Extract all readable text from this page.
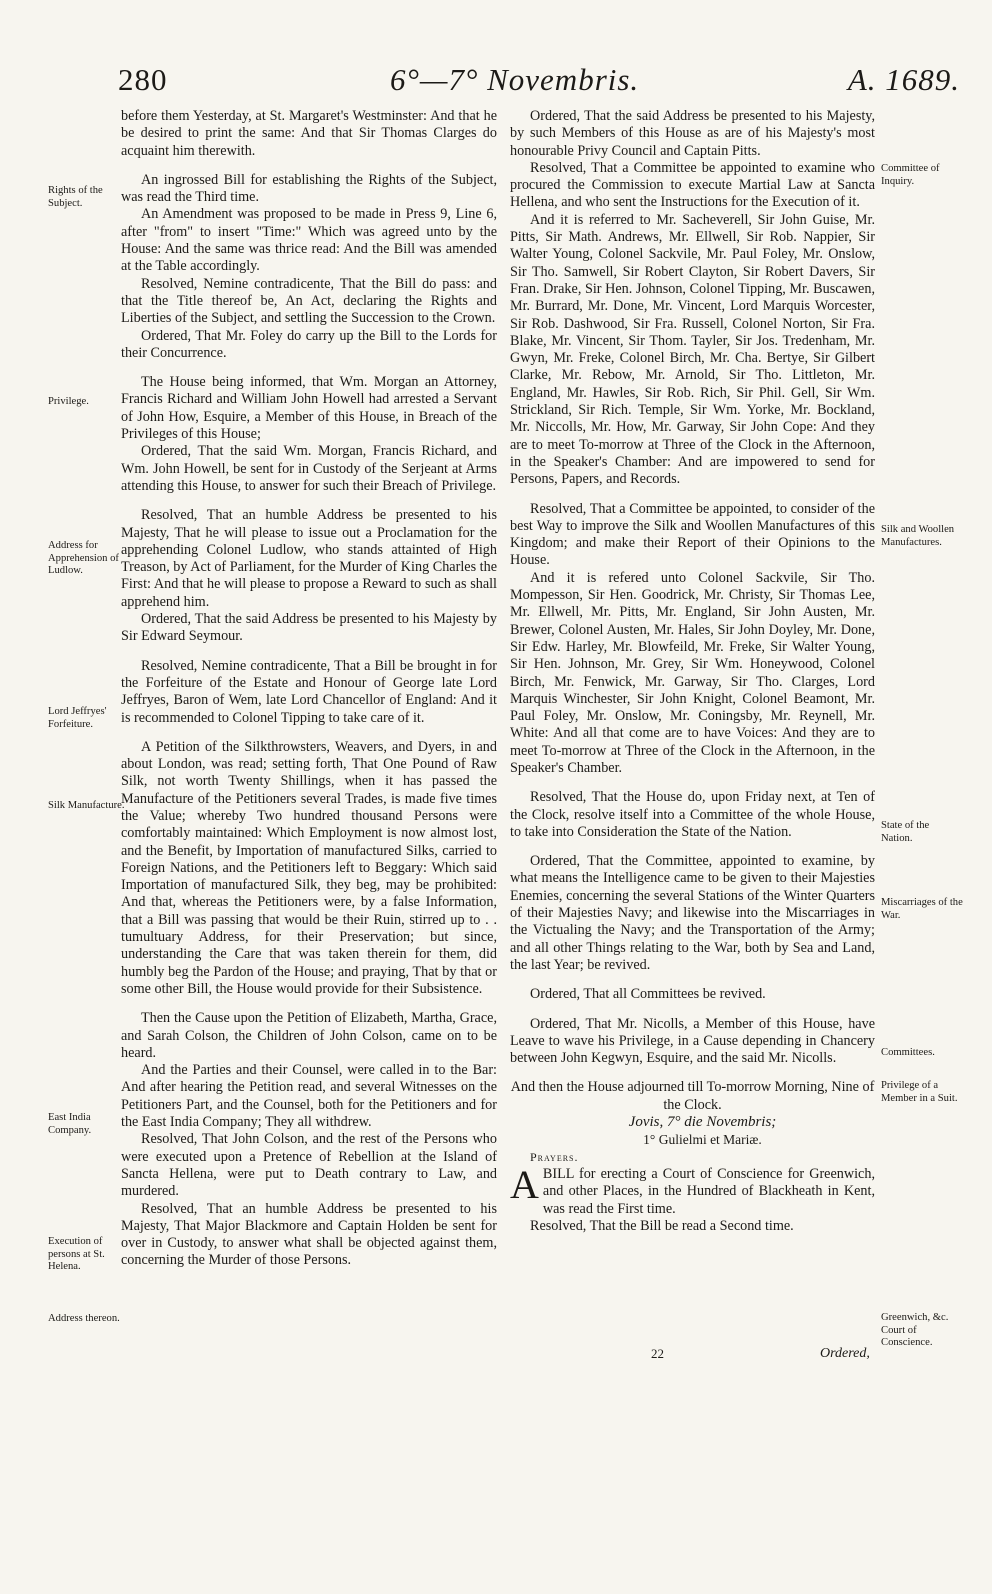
280	6°—7° Novembris.	A. 1689.
Rights of the Subject.
Privilege.
Address for Apprehension of Ludlow.
Lord Jeffryes' Forfeiture.
Silk Manufacture.
East India Company.
Execution of persons at St. Helena.
Address thereon.
Committee of Inquiry.
Silk and Woollen Manufactures.
State of the Nation.
Miscarriages of the War.
Committees.
Privilege of a Member in a Suit.
Greenwich, &c. Court of Conscience.

before them Yesterday, at St. Margaret's Westminster: And that he be desired to print the same: And that Sir Thomas Clarges do acquaint him therewith.

An ingrossed Bill for establishing the Rights of the Subject, was read the Third time.

An Amendment was proposed to be made in Press 9, Line 6, after "from" to insert "Time:" Which was agreed unto by the House: And the same was thrice read: And the Bill was amended at the Table accordingly.

Resolved, Nemine contradicente, That the Bill do pass: and that the Title thereof be, An Act, declaring the Rights and Liberties of the Subject, and settling the Succession to the Crown.

Ordered, That Mr. Foley do carry up the Bill to the Lords for their Concurrence.

The House being informed, that Wm. Morgan an Attorney, Francis Richard and William John Howell had arrested a Servant of John How, Esquire, a Member of this House, in Breach of the Privileges of this House;

Ordered, That the said Wm. Morgan, Francis Richard, and Wm. John Howell, be sent for in Custody of the Serjeant at Arms attending this House, to answer for such their Breach of Privilege.

Resolved, That an humble Address be presented to his Majesty, That he will please to issue out a Proclamation for the apprehending Colonel Ludlow, who stands attainted of High Treason, by Act of Parliament, for the Murder of King Charles the First: And that he will please to propose a Reward to such as shall apprehend him.

Ordered, That the said Address be presented to his Majesty by Sir Edward Seymour.

Resolved, Nemine contradicente, That a Bill be brought in for the Forfeiture of the Estate and Honour of George late Lord Jeffryes, Baron of Wem, late Lord Chancellor of England: And it is recommended to Colonel Tipping to take care of it.

A Petition of the Silkthrowsters, Weavers, and Dyers, in and about London, was read; setting forth, That One Pound of Raw Silk, not worth Twenty Shillings, when it has passed the Manufacture of the Petitioners several Trades, is made five times the Value; whereby Two hundred thousand Persons were comfortably maintained: Which Employment is now almost lost, and the Benefit, by Importation of manufactured Silks, carried to Foreign Nations, and the Petitioners left to Beggary: Which said Importation of manufactured Silk, they beg, may be prohibited: And that, whereas the Petitioners were, by a false Information, that a Bill was passing that would be their Ruin, stirred up to . . tumultuary Address, for their Preservation; but since, understanding the Care that was taken therein for them, did humbly beg the Pardon of the House; and praying, That by that or some other Bill, the House would provide for their Subsistence.

Then the Cause upon the Petition of Elizabeth, Martha, Grace, and Sarah Colson, the Children of John Colson, came on to be heard.

And the Parties and their Counsel, were called in to the Bar: And after hearing the Petition read, and several Witnesses on the Petitioners Part, and the Counsel, both for the Petitioners and for the East India Company; They all withdrew.

Resolved, That John Colson, and the rest of the Persons who were executed upon a Pretence of Rebellion at the Island of Sancta Hellena, were put to Death contrary to Law, and murdered.

Resolved, That an humble Address be presented to his Majesty, That Major Blackmore and Captain Holden be sent for over in Custody, to answer what shall be objected against them, concerning the Murder of those Persons.

Ordered, That the said Address be presented to his Majesty, by such Members of this House as are of his Majesty's most honourable Privy Council and Captain Pitts.

Resolved, That a Committee be appointed to examine who procured the Commission to execute Martial Law at Sancta Hellena, and who sent the Instructions for the Execution of it.

And it is referred to Mr. Sacheverell, Sir John Guise, Mr. Pitts, Sir Math. Andrews, Mr. Ellwell, Sir Rob. Nappier, Sir Walter Young, Colonel Sackvile, Mr. Paul Foley, Mr. Onslow, Sir Tho. Samwell, Sir Robert Clayton, Sir Robert Davers, Sir Fran. Drake, Sir Hen. Johnson, Colonel Tipping, Mr. Buscawen, Mr. Burrard, Mr. Done, Mr. Vincent, Lord Marquis Worcester, Sir Rob. Dashwood, Sir Fra. Russell, Colonel Norton, Sir Fra. Blake, Mr. Vincent, Sir Thom. Tayler, Sir Jos. Tredenham, Mr. Gwyn, Mr. Freke, Colonel Birch, Mr. Cha. Bertye, Sir Gilbert Clarke, Mr. Rebow, Mr. Arnold, Sir Tho. Littleton, Mr. England, Mr. Hawles, Sir Rob. Rich, Sir Phil. Gell, Sir Wm. Strickland, Sir Rich. Temple, Sir Wm. Yorke, Mr. Bockland, Mr. Niccolls, Mr. How, Mr. Garway, Sir John Cope: And they are to meet To-morrow at Three of the Clock in the Afternoon, in the Speaker's Chamber: And are impowered to send for Persons, Papers, and Records.

Resolved, That a Committee be appointed, to consider of the best Way to improve the Silk and Woollen Manufactures of this Kingdom; and make their Report of their Opinions to the House.

And it is refered unto Colonel Sackvile, Sir Tho. Mompesson, Sir Hen. Goodrick, Mr. Christy, Sir Thomas Lee, Mr. Ellwell, Mr. Pitts, Mr. England, Sir John Austen, Mr. Brewer, Colonel Austen, Mr. Hales, Sir John Doyley, Mr. Done, Sir Edw. Harley, Mr. Blowfeild, Mr. Freke, Sir Walter Young, Sir Hen. Johnson, Mr. Grey, Sir Wm. Honeywood, Colonel Birch, Mr. Fenwick, Mr. Garway, Sir Tho. Clarges, Lord Marquis Winchester, Sir John Knight, Colonel Beamont, Mr. Paul Foley, Mr. Onslow, Mr. Coningsby, Mr. Reynell, Mr. White: And all that come are to have Voices: And they are to meet To-morrow at Three of the Clock in the Afternoon, in the Speaker's Chamber.

Resolved, That the House do, upon Friday next, at Ten of the Clock, resolve itself into a Committee of the whole House, to take into Consideration the State of the Nation.

Ordered, That the Committee, appointed to examine, by what means the Intelligence came to be given to their Majesties Enemies, concerning the several Stations of the Winter Quarters of their Majesties Navy; and likewise into the Miscarriages in the Victualing the Navy; and the Transportation of the Army; and all other Things relating to the War, both by Sea and Land, the last Year; be revived.

Ordered, That all Committees be revived.

Ordered, That Mr. Nicolls, a Member of this House, have Leave to wave his Privilege, in a Cause depending in Chancery between John Kegwyn, Esquire, and the said Mr. Nicolls.

And then the House adjourned till To-morrow Morning, Nine of the Clock.

Jovis, 7° die Novembris;

1° Gulielmi et Mariæ.

Prayers.

ABILL for erecting a Court of Conscience for Greenwich, and other Places, in the Hundred of Blackheath in Kent, was read the First time.

Resolved, That the Bill be read a Second time.

22	Ordered,
